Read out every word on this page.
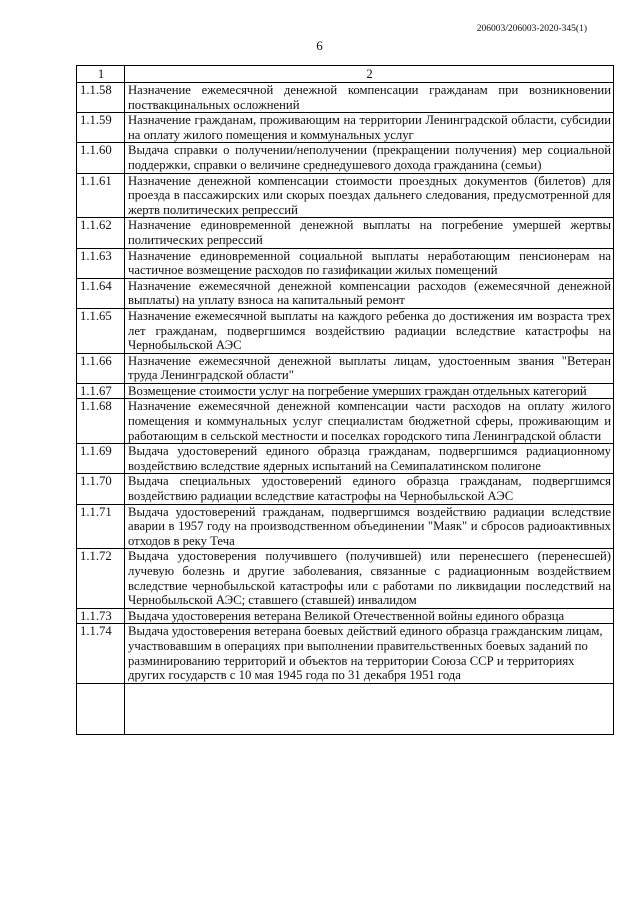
206003/206003-2020-345(1)
6
1	2
1.1.58	Назначение ежемесячной денежной компенсации гражданам при возникновении поствакцинальных осложнений
1.1.59	Назначение гражданам, проживающим на территории Ленинградской области, субсидии на оплату жилого помещения и коммунальных услуг
1.1.60	Выдача справки о получении/неполучении (прекращении получения) мер социальной поддержки, справки о величине среднедушевого дохода гражданина (семьи)
1.1.61	Назначение денежной компенсации стоимости проездных документов (билетов) для проезда в пассажирских или скорых поездах дальнего следования, предусмотренной для жертв политических репрессий
1.1.62	Назначение единовременной денежной выплаты на погребение умершей жертвы политических репрессий
1.1.63	Назначение единовременной социальной выплаты неработающим пенсионерам на частичное возмещение расходов по газификации жилых помещений
1.1.64	Назначение ежемесячной денежной компенсации расходов (ежемесячной денежной выплаты) на уплату взноса на капитальный ремонт
1.1.65	Назначение ежемесячной выплаты на каждого ребенка до достижения им возраста трех лет гражданам, подвергшимся воздействию радиации вследствие катастрофы на Чернобыльской АЭС
1.1.66	Назначение ежемесячной денежной выплаты лицам, удостоенным звания "Ветеран труда Ленинградской области"
1.1.67	Возмещение стоимости услуг на погребение умерших граждан отдельных категорий
1.1.68	Назначение ежемесячной денежной компенсации части расходов на оплату жилого помещения и коммунальных услуг специалистам бюджетной сферы, проживающим и работающим в сельской местности и поселках городского типа Ленинградской области
1.1.69	Выдача удостоверений единого образца гражданам, подвергшимся радиационному воздействию вследствие ядерных испытаний на Семипалатинском полигоне
1.1.70	Выдача специальных удостоверений единого образца гражданам, подвергшимся воздействию радиации вследствие катастрофы на Чернобыльской АЭС
1.1.71	Выдача удостоверений гражданам, подвергшимся воздействию радиации вследствие аварии в 1957 году на производственном объединении "Маяк" и сбросов радиоактивных отходов в реку Теча
1.1.72	Выдача удостоверения получившего (получившей) или перенесшего (перенесшей) лучевую болезнь и другие заболевания, связанные с радиационным воздействием вследствие чернобыльской катастрофы или с работами по ликвидации последствий на Чернобыльской АЭС; ставшего (ставшей) инвалидом
1.1.73	Выдача удостоверения ветерана Великой Отечественной войны единого образца
1.1.74	Выдача удостоверения ветерана боевых действий единого образца гражданским лицам, участвовавшим в операциях при выполнении правительственных боевых заданий по разминированию территорий и объектов на территории Союза ССР и территориях других государств с 10 мая 1945 года по 31 декабря 1951 года
